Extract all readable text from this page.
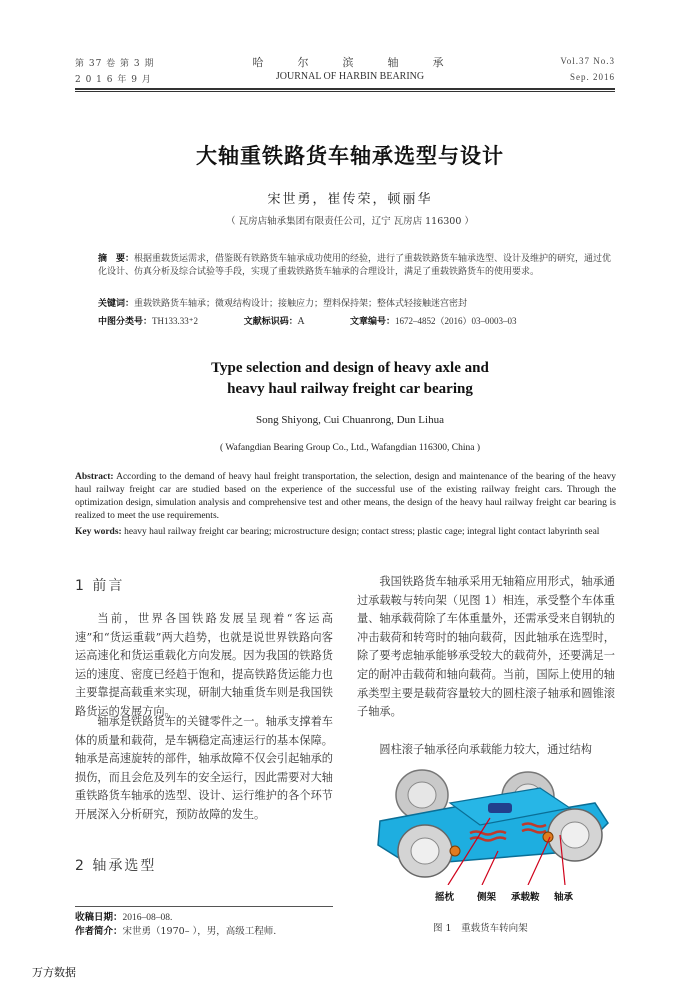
第 37 卷 第 3 期
2 0 1 6 年 9 月
哈 　 尔 　 滨 　 轴 　 承
JOURNAL OF HARBIN BEARING
Vol.37 No.3
Sep. 2016
大轴重铁路货车轴承选型与设计
宋世勇，崔传荣，顿丽华
（ 瓦房店轴承集团有限责任公司，辽宁 瓦房店 116300 ）
摘　要：根据重载货运需求，借鉴既有铁路货车轴承成功使用的经验，进行了重载铁路货车轴承选型、设计及维护的研究，通过优化设计、仿真分析及综合试验等手段，实现了重载铁路货车轴承的合理设计，满足了重载铁路货车的使用要求。
关键词：重载铁路货车轴承；微观结构设计；接触应力；塑料保持架；整体式轻接触迷宫密封
中图分类号：TH133.33⁺2	文献标识码：A	文章编号：1672–4852（2016）03–0003–03
Type selection and design of heavy axle and
heavy haul railway freight car bearing
Song Shiyong, Cui Chuanrong, Dun Lihua
( Wafangdian Bearing Group Co., Ltd., Wafangdian 116300, China )
Abstract: According to the demand of heavy haul freight transportation, the selection, design and maintenance of the bearing of the heavy haul railway freight car are studied based on the experience of the successful use of the existing railway freight cars. Through the optimization design, simulation analysis and comprehensive test and other means, the design of the heavy haul railway freight car bearing is realized to meet the use requirements.
Key words: heavy haul railway freight car bearing; microstructure design; contact stress; plastic cage; integral light contact labyrinth seal
1 前言
当前，世界各国铁路发展呈现着“客运高速”和“货运重载”两大趋势，也就是说世界铁路向客运高速化和货运重载化方向发展。因为我国的铁路货运的速度、密度已经趋于饱和，提高铁路货运能力也主要靠提高载重来实现，研制大轴重货车则是我国铁路货运的发展方向。
轴承是铁路货车的关键零件之一。轴承支撑着车体的质量和载荷，是车辆稳定高速运行的基本保障。轴承是高速旋转的部件，轴承故障不仅会引起轴承的损伤，而且会危及列车的安全运行，因此需要对大轴重铁路货车轴承的选型、设计、运行维护的各个环节开展深入分析研究，预防故障的发生。
2 轴承选型
我国铁路货车轴承采用无轴箱应用形式，轴承通过承载鞍与转向架（见图 1）相连，承受整个车体重量、轴承载荷除了车体重量外，还需承受来自钢轨的冲击载荷和转弯时的轴向载荷，因此轴承在选型时，除了要考虑轴承能够承受较大的载荷外，还要满足一定的耐冲击载荷和轴向载荷。当前，国际上使用的轴承类型主要是载荷容量较大的圆柱滚子轴承和圆锥滚子轴承。
圆柱滚子轴承径向承载能力较大，通过结构
摇枕 侧架 承载鞍 轴承
图 1　重载货车转向架
收稿日期：2016–08–08.
作者简介：宋世勇（1970– ），男，高级工程师.
万方数据
